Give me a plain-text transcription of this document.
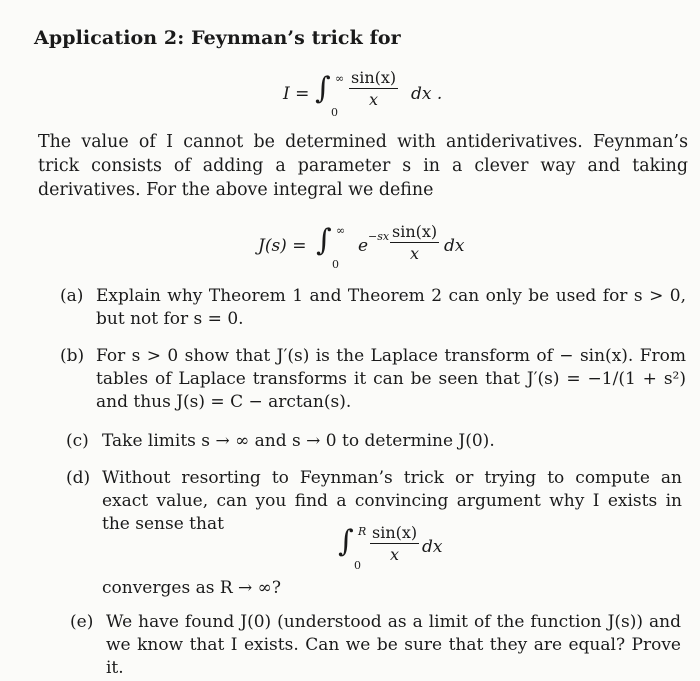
Application 2: Feynman’s trick for
I = ∫ ∞
0
$\frac{\sin(x)}{x}$ dx .
The value of I cannot be determined with antiderivatives. Feynman’s trick consists of adding a parameter s in a clever way and taking derivatives. For the above integral we define
J(s) = ∫ ∞
0
$e -sx \frac{\sin(x)}{x}$ dx
(a) Explain why Theorem 1 and Theorem 2 can only be used for s > 0, but not for s = 0.
(b) For s > 0 show that J′(s) is the Laplace transform of − sin(x). From tables of Laplace transforms it can be seen that J′(s) = −1/(1 + s²) and thus J(s) = C − arctan(s).
(c) Take limits s → ∞ and s → 0 to determine J(0).
(d) Without resorting to Feynman’s trick or trying to compute an exact value, can you find a convincing argument why I exists in the sense that	∫ R
0
$\frac{\sin(x)}{x}$ dx
converges as R → ∞?
(e) We have found J(0) (understood as a limit of the function J(s)) and we know that I exists. Can we be sure that they are equal? Prove it.
